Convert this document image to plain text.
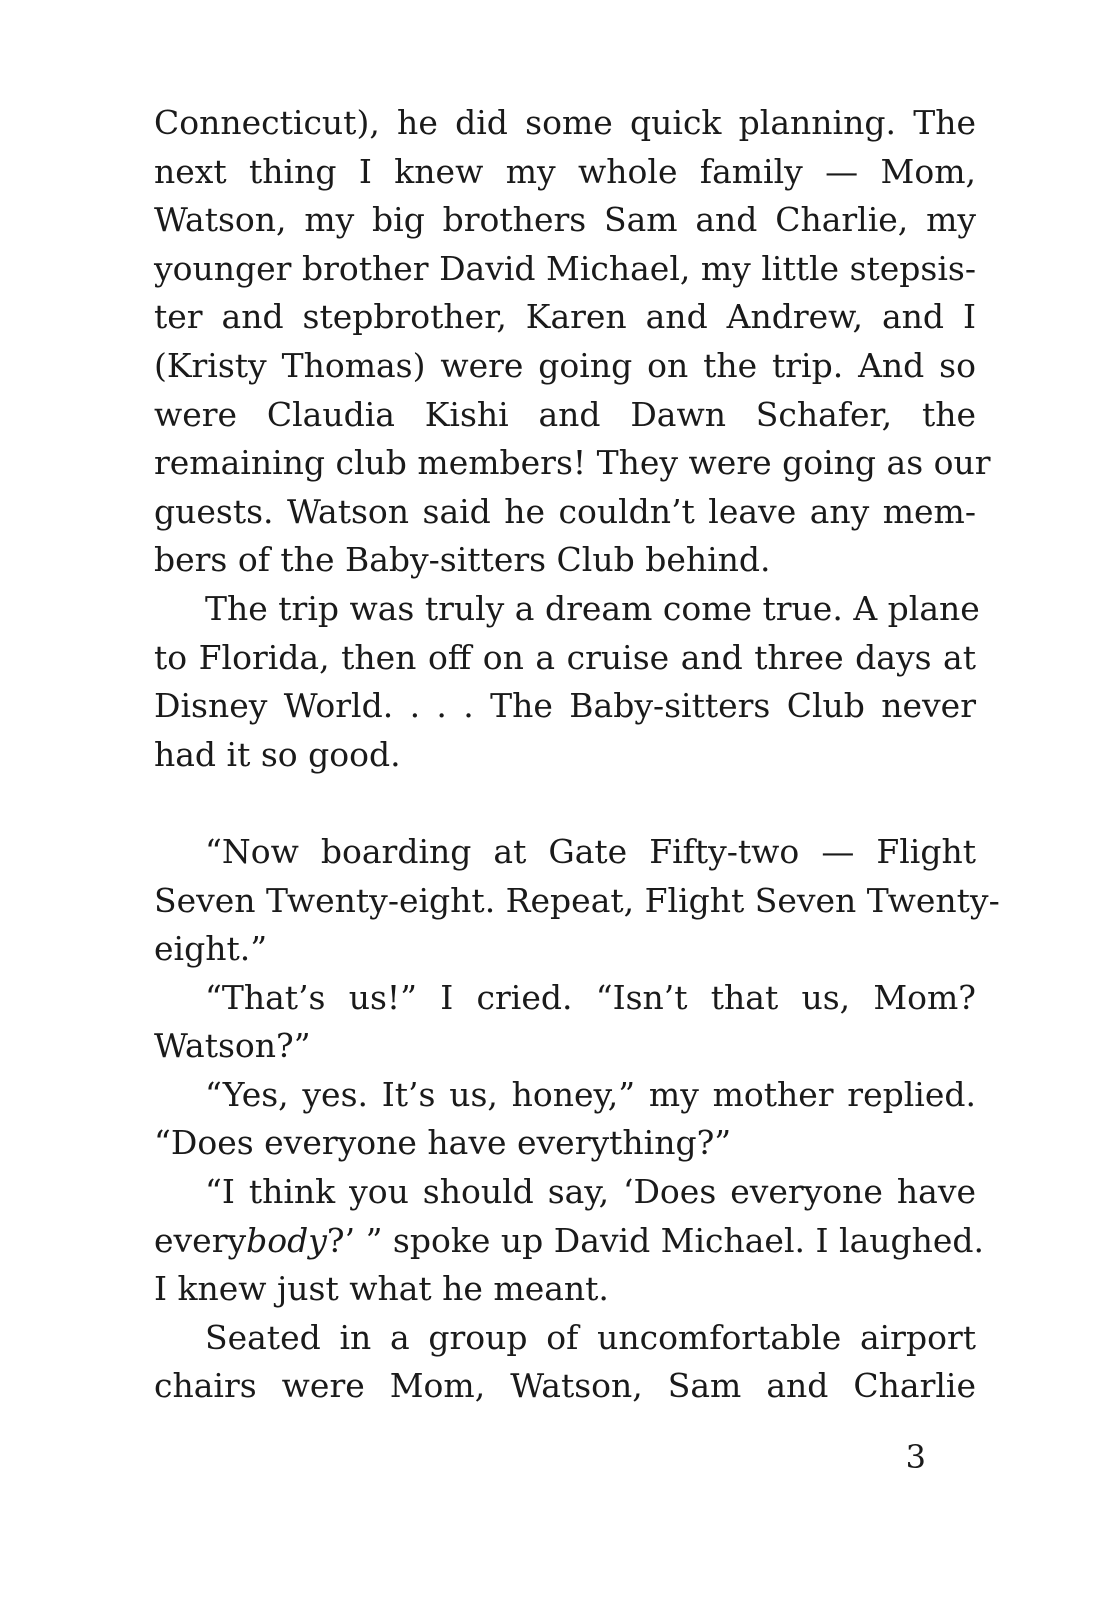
Connecticut), he did some quick planning. The
next thing I knew my whole family — Mom,
Watson, my big brothers Sam and Charlie, my
younger brother David Michael, my little stepsis-
ter and stepbrother, Karen and Andrew, and I
(Kristy Thomas) were going on the trip. And so
were Claudia Kishi and Dawn Schafer, the
remaining club members! They were going as our
guests. Watson said he couldn’t leave any mem-
bers of the Baby-sitters Club behind.
The trip was truly a dream come true. A plane
to Florida, then off on a cruise and three days at
Disney World. . . . The Baby-sitters Club never
had it so good.
“Now boarding at Gate Fifty-two — Flight
Seven Twenty-eight. Repeat, Flight Seven Twenty-
eight.”
“That’s us!” I cried. “Isn’t that us, Mom?
Watson?”
“Yes, yes. It’s us, honey,” my mother replied.
“Does everyone have everything?”
“I think you should say, ‘Does everyone have
everybody?’ ” spoke up David Michael. I laughed.
I knew just what he meant.
Seated in a group of uncomfortable airport
chairs were Mom, Watson, Sam and Charlie
3
